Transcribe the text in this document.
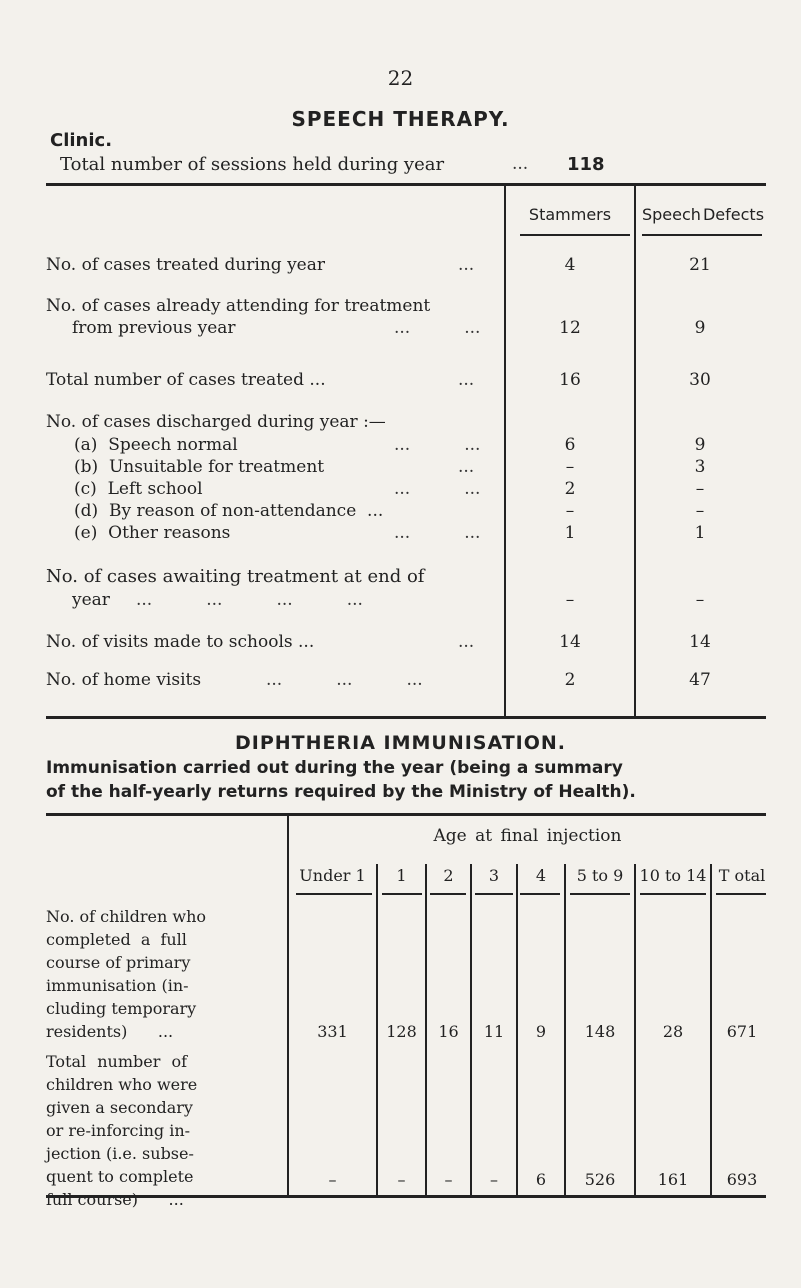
22
SPEECH THERAPY.
Clinic.
Total number of sessions held during year	... 118
Stammers	Speech Defects
No. of cases treated during year	...	4	21
No. of cases already attending for treatment
from previous year	...          ...	12	9
Total number of cases treated ...	...	16	30
No. of cases discharged during year :—
(a)  Speech normal	...          ...	6	9
(b)  Unsuitable for treatment	...	–	3
(c)  Left school	...          ...	2	–
(d)  By reason of non-attendance  ...	–	–
(e)  Other reasons	...          ...	1	1
No. of cases awaiting treatment at end of
year ...          ...          ...          ...	–	–
No. of visits made to schools ...	...	14	14
No. of home visits	...          ...          ...	2	47
DIPHTHERIA IMMUNISATION.
Immunisation carried out during the year (being a summary
of the half-yearly returns required by the Ministry of Health).
Age at final injection
Under 1	1	2	3	4	5 to 9	10 to 14 T otal
No. of children who
completed a full
course of primary
immunisation (in-
cluding temporary
residents)      ...	331	128	16	11	9	148	28	671
Total number of
children who were
given a secondary
or re-inforcing in-
jection (i.e. subse-
quent to complete
full course)      ...
–	–	–	–	6	526	161	693
